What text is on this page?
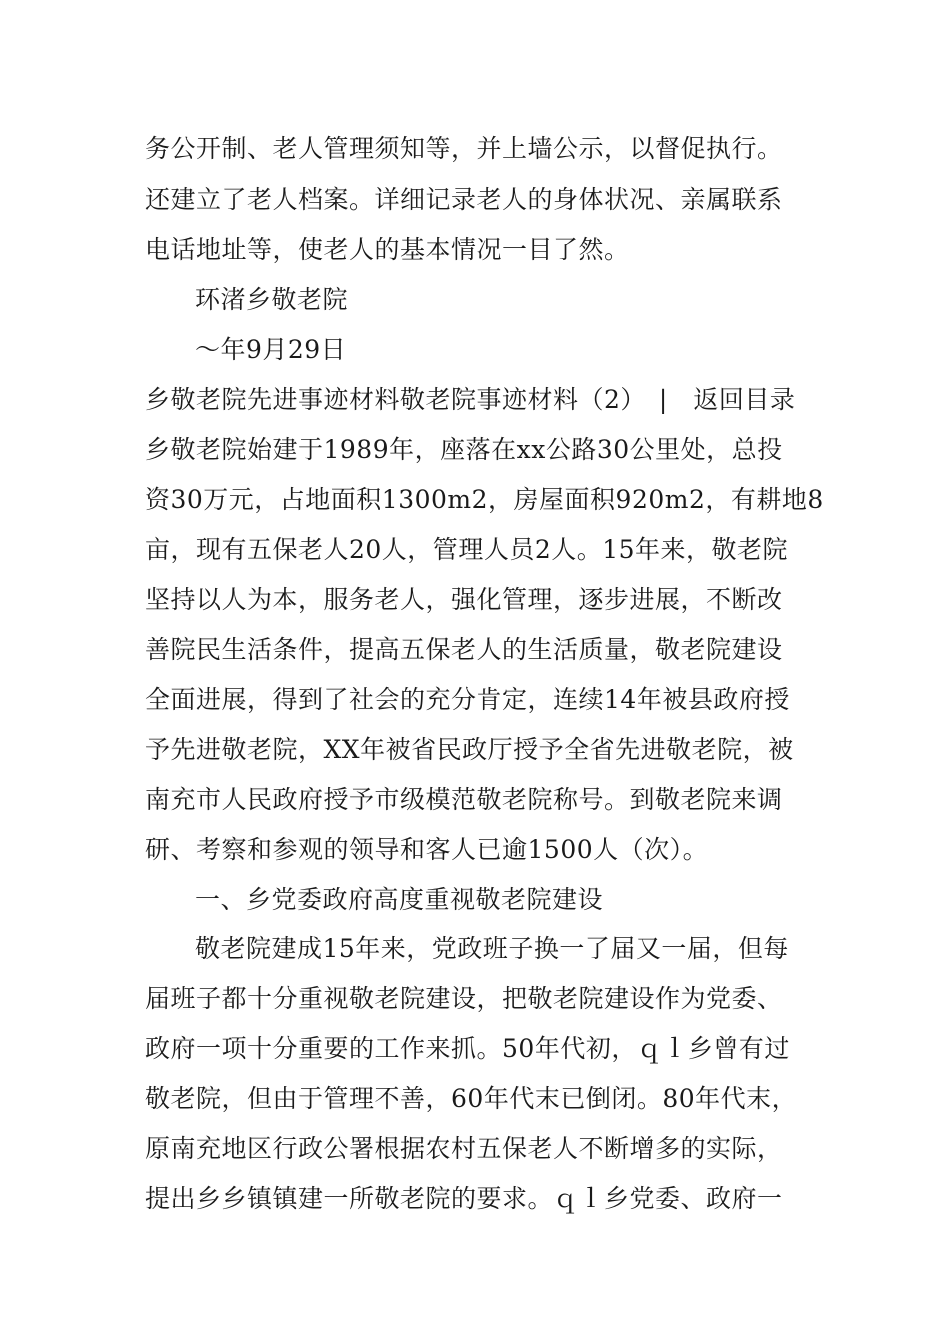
务公开制、老人管理须知等，并上墙公示，以督促执行。
还建立了老人档案。详细记录老人的身体状况、亲属联系
电话地址等，使老人的基本情况一目了然。
环渚乡敬老院
～年9月29日
乡敬老院先进事迹材料敬老院事迹材料（2）　|　返回目录
乡敬老院始建于1989年，座落在xx公路30公里处，总投
资30万元，占地面积1300m2，房屋面积920m2，有耕地8
亩，现有五保老人20人，管理人员2人。15年来，敬老院
坚持以人为本，服务老人，强化管理，逐步进展，不断改
善院民生活条件，提高五保老人的生活质量，敬老院建设
全面进展，得到了社会的充分肯定，连续14年被县政府授
予先进敬老院，XX年被省民政厅授予全省先进敬老院，被
南充市人民政府授予市级模范敬老院称号。到敬老院来调
研、考察和参观的领导和客人已逾1500人（次）。
一、乡党委政府高度重视敬老院建设
敬老院建成15年来，党政班子换一了届又一届，但每
届班子都十分重视敬老院建设，把敬老院建设作为党委、
政府一项十分重要的工作来抓。50年代初，ｑｌ乡曾有过
敬老院，但由于管理不善，60年代末已倒闭。80年代末，
原南充地区行政公署根据农村五保老人不断增多的实际，
提出乡乡镇镇建一所敬老院的要求。ｑｌ乡党委、政府一
